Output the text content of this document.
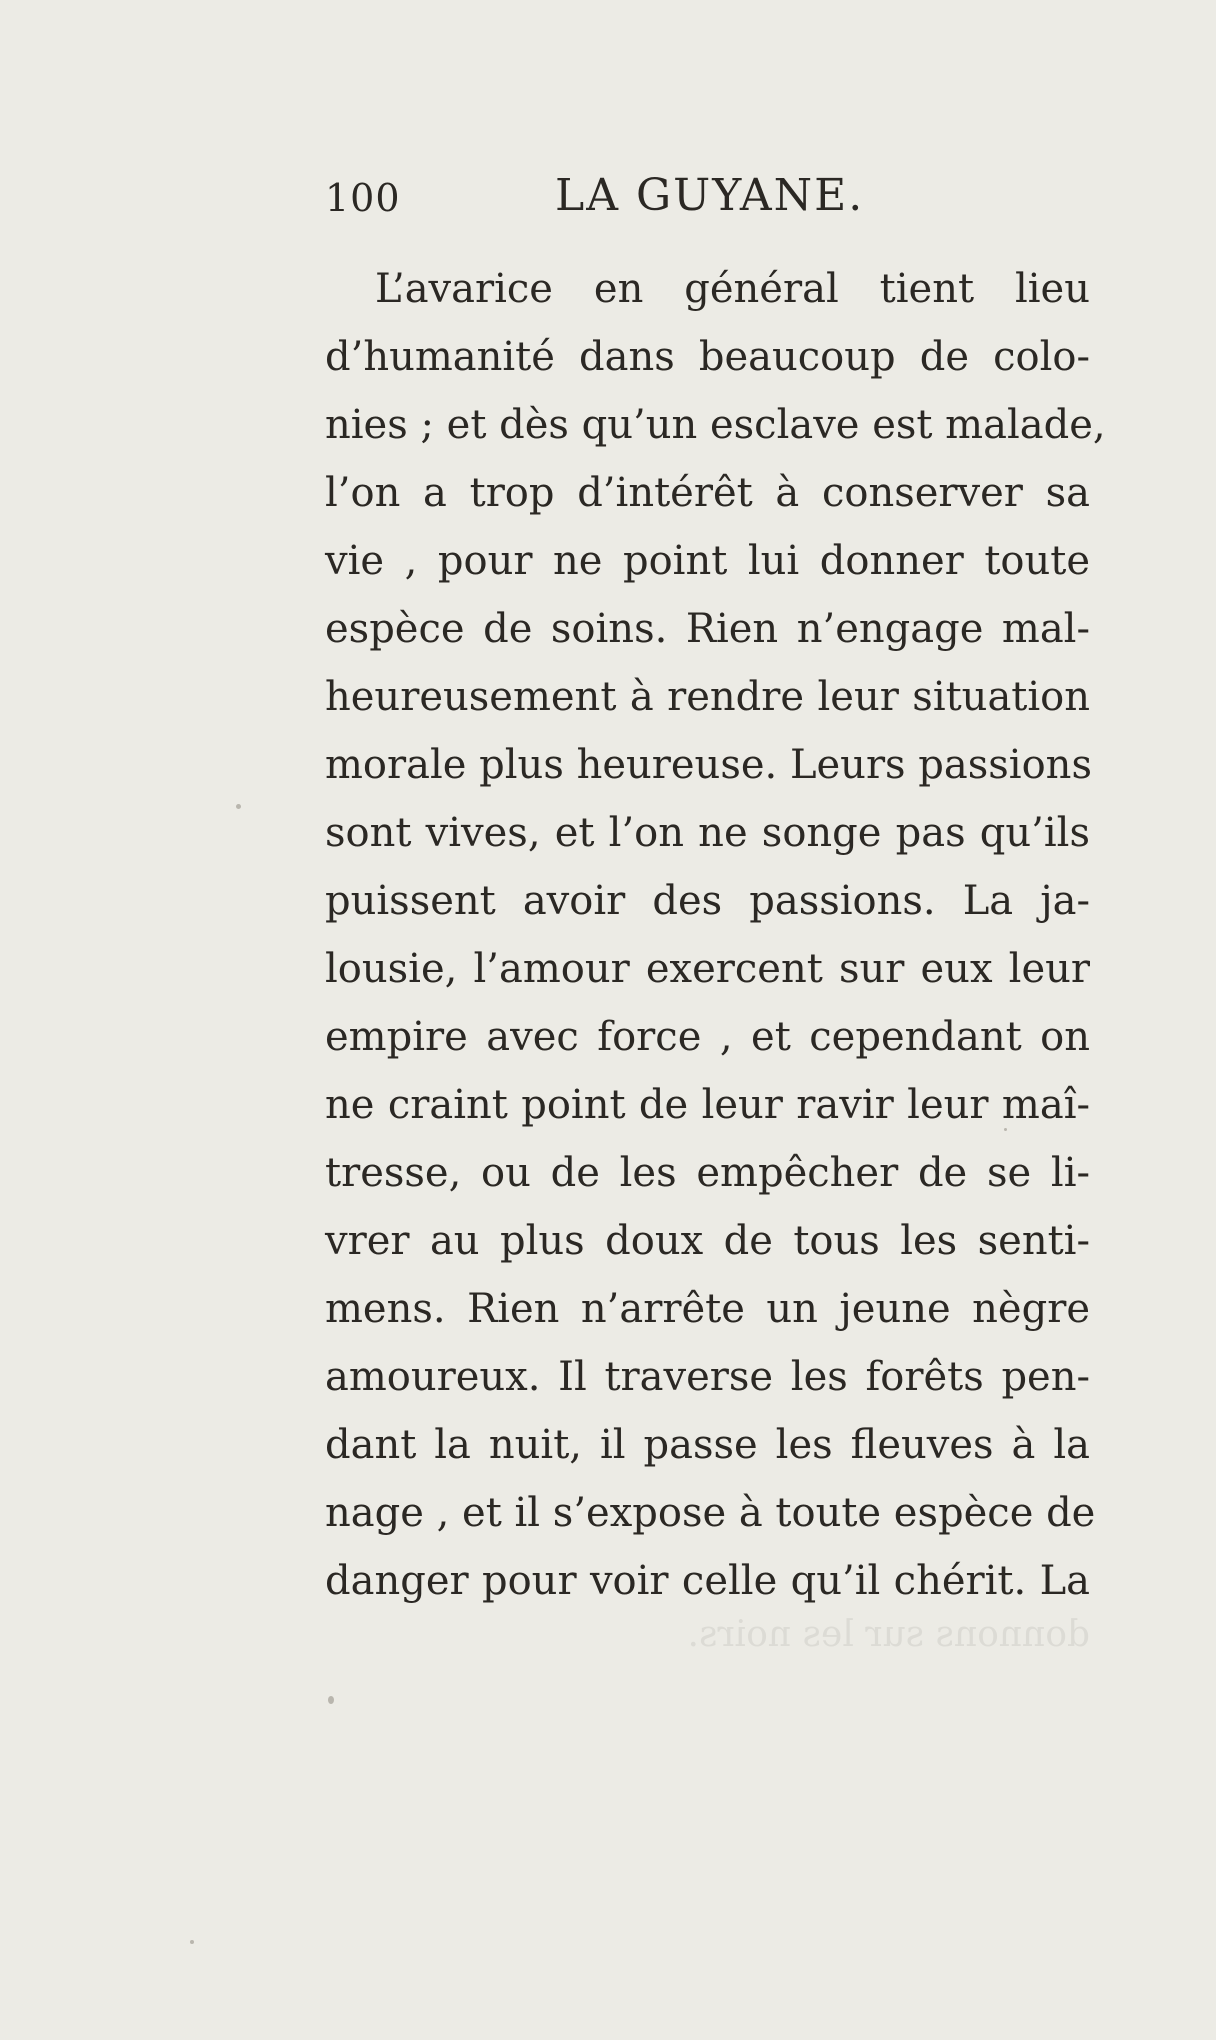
100	LA GUYANE.
L’avarice en général tient lieu
d’humanité dans beaucoup de colo-
nies ; et dès qu’un esclave est malade,
l’on a trop d’intérêt à conserver sa
vie , pour ne point lui donner toute
espèce de soins. Rien n’engage mal-
heureusement à rendre leur situation
morale plus heureuse. Leurs passions
sont vives, et l’on ne songe pas qu’ils
puissent avoir des passions. La ja-
lousie, l’amour exercent sur eux leur
empire avec force , et cependant on
ne craint point de leur ravir leur maî-
tresse, ou de les empêcher de se li-
vrer au plus doux de tous les senti-
mens. Rien n’arrête un jeune nègre
amoureux. Il traverse les forêts pen-
dant la nuit, il passe les fleuves à la
nage , et il s’expose à toute espèce de
danger pour voir celle qu’il chérit. La
donnons sur les noirs.
